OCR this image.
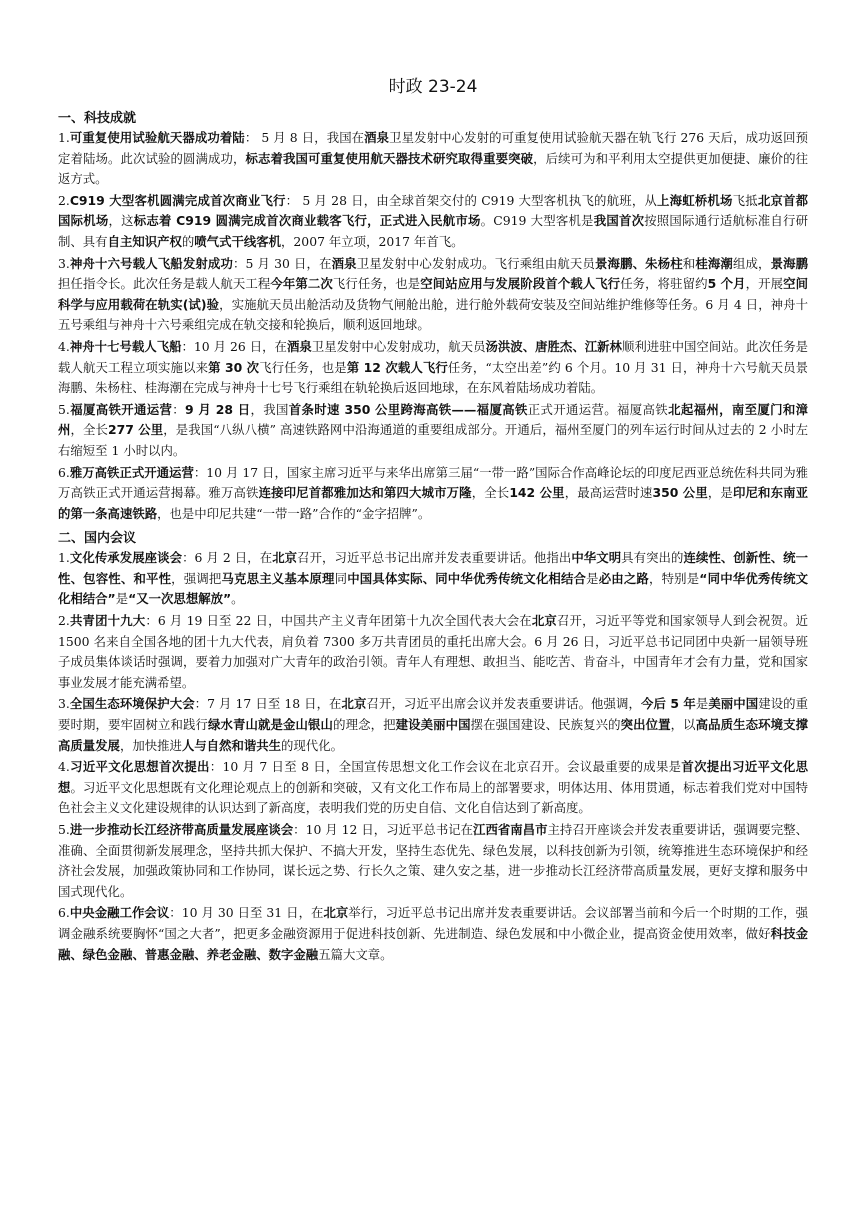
时政 23-24
一、科技成就
1.可重复使用试验航天器成功着陆： 5 月 8 日，我国在酒泉卫星发射中心发射的可重复使用试验航天器在轨飞行 276 天后，成功返回预定着陆场。此次试验的圆满成功，标志着我国可重复使用航天器技术研究取得重要突破，后续可为和平利用太空提供更加便捷、廉价的往返方式。
2.C919 大型客机圆满完成首次商业飞行： 5 月 28 日，由全球首架交付的 C919 大型客机执飞的航班，从上海虹桥机场飞抵北京首都国际机场，这标志着 C919 圆满完成首次商业载客飞行，正式进入民航市场。C919 大型客机是我国首次按照国际通行适航标准自行研制、具有自主知识产权的喷气式干线客机，2007 年立项，2017 年首飞。
3.神舟十六号载人飞船发射成功：5 月 30 日，在酒泉卫星发射中心发射成功。飞行乘组由航天员景海鹏、朱杨柱和桂海潮组成，景海鹏担任指令长。此次任务是载人航天工程今年第二次飞行任务，也是空间站应用与发展阶段首个载人飞行任务，将驻留约5 个月，开展空间科学与应用载荷在轨实(试)验，实施航天员出舱活动及货物气闸舱出舱，进行舱外载荷安装及空间站维护维修等任务。6 月 4 日，神舟十五号乘组与神舟十六号乘组完成在轨交接和轮换后，顺利返回地球。
4.神舟十七号载人飞船：10 月 26 日，在酒泉卫星发射中心发射成功，航天员汤洪波、唐胜杰、江新林顺利进驻中国空间站。此次任务是载人航天工程立项实施以来第 30 次飞行任务，也是第 12 次载人飞行任务，“太空出差”约 6 个月。10 月 31 日，神舟十六号航天员景海鹏、朱杨柱、桂海潮在完成与神舟十七号飞行乘组在轨轮换后返回地球，在东风着陆场成功着陆。
5.福厦高铁开通运营：9 月 28 日，我国首条时速 350 公里跨海高铁——福厦高铁正式开通运营。福厦高铁北起福州，南至厦门和漳州，全长277 公里，是我国“八纵八横” 高速铁路网中沿海通道的重要组成部分。开通后，福州至厦门的列车运行时间从过去的 2 小时左右缩短至 1 小时以内。
6.雅万高铁正式开通运营：10 月 17 日，国家主席习近平与来华出席第三届“一带一路”国际合作高峰论坛的印度尼西亚总统佐科共同为雅万高铁正式开通运营揭幕。雅万高铁连接印尼首都雅加达和第四大城市万隆，全长142 公里，最高运营时速350 公里，是印尼和东南亚的第一条高速铁路，也是中印尼共建“一带一路”合作的“金字招牌”。
二、国内会议
1.文化传承发展座谈会：6 月 2 日，在北京召开，习近平总书记出席并发表重要讲话。他指出中华文明具有突出的连续性、创新性、统一性、包容性、和平性，强调把马克思主义基本原理同中国具体实际、同中华优秀传统文化相结合是必由之路，特别是“同中华优秀传统文化相结合”是“又一次思想解放”。
2.共青团十九大：6 月 19 日至 22 日，中国共产主义青年团第十九次全国代表大会在北京召开，习近平等党和国家领导人到会祝贺。近 1500 名来自全国各地的团十九大代表，肩负着 7300 多万共青团员的重托出席大会。6 月 26 日，习近平总书记同团中央新一届领导班子成员集体谈话时强调，要着力加强对广大青年的政治引领。青年人有理想、敢担当、能吃苦、肯奋斗，中国青年才会有力量，党和国家事业发展才能充满希望。
3.全国生态环境保护大会：7 月 17 日至 18 日，在北京召开，习近平出席会议并发表重要讲话。他强调，今后 5 年是美丽中国建设的重要时期，要牢固树立和践行绿水青山就是金山银山的理念，把建设美丽中国摆在强国建设、民族复兴的突出位置，以高品质生态环境支撑高质量发展，加快推进人与自然和谐共生的现代化。
4.习近平文化思想首次提出：10 月 7 日至 8 日，全国宣传思想文化工作会议在北京召开。会议最重要的成果是首次提出习近平文化思想。习近平文化思想既有文化理论观点上的创新和突破，又有文化工作布局上的部署要求，明体达用、体用贯通，标志着我们党对中国特色社会主义文化建设规律的认识达到了新高度，表明我们党的历史自信、文化自信达到了新高度。
5.进一步推动长江经济带高质量发展座谈会：10 月 12 日，习近平总书记在江西省南昌市主持召开座谈会并发表重要讲话，强调要完整、准确、全面贯彻新发展理念，坚持共抓大保护、不搞大开发，坚持生态优先、绿色发展，以科技创新为引领，统筹推进生态环境保护和经济社会发展，加强政策协同和工作协同，谋长远之势、行长久之策、建久安之基，进一步推动长江经济带高质量发展，更好支撑和服务中国式现代化。
6.中央金融工作会议：10 月 30 日至 31 日，在北京举行，习近平总书记出席并发表重要讲话。会议部署当前和今后一个时期的工作，强调金融系统要胸怀“国之大者”，把更多金融资源用于促进科技创新、先进制造、绿色发展和中小微企业，提高资金使用效率，做好科技金融、绿色金融、普惠金融、养老金融、数字金融五篇大文章。
